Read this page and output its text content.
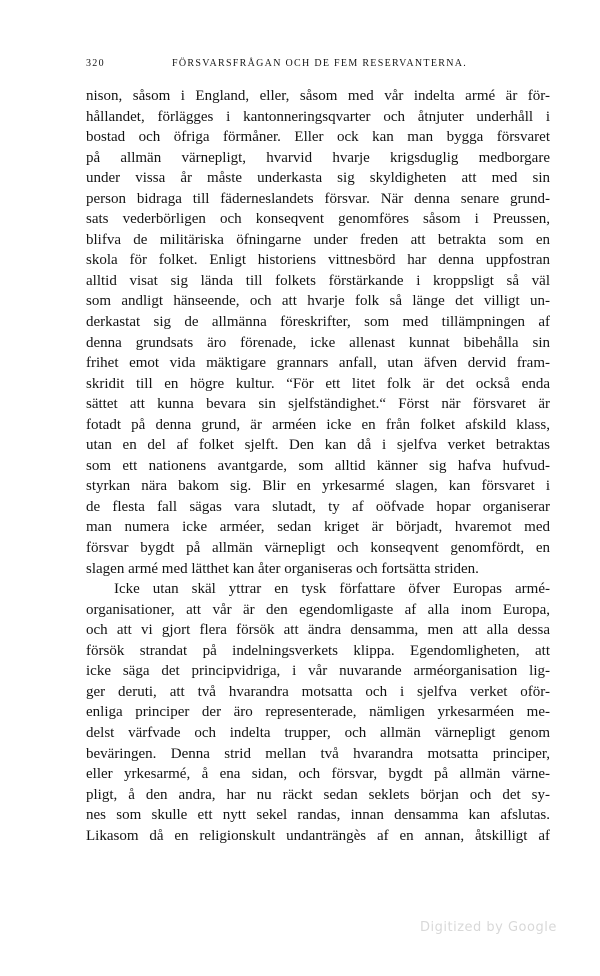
320	FÖRSVARSFRÅGAN OCH DE FEM RESERVANTERNA.
nison, såsom i England, eller, såsom med vår indelta armé är för-
hållandet, förlägges i kantonneringsqvarter och åtnjuter underhåll i
bostad och öfriga förmåner. Eller ock kan man bygga försvaret
på allmän värnepligt, hvarvid hvarje krigsduglig medborgare
under vissa år måste underkasta sig skyldigheten att med sin
person bidraga till fäderneslandets försvar. När denna senare grund-
sats vederbörligen och konseqvent genomföres såsom i Preussen,
blifva de militäriska öfningarne under freden att betrakta som en
skola för folket. Enligt historiens vittnesbörd har denna uppfostran
alltid visat sig lända till folkets förstärkande i kroppsligt så väl
som andligt hänseende, och att hvarje folk så länge det villigt un-
derkastat sig de allmänna föreskrifter, som med tillämpningen af
denna grundsats äro förenade, icke allenast kunnat bibehålla sin
frihet emot vida mäktigare grannars anfall, utan äfven dervid fram-
skridit till en högre kultur. “För ett litet folk är det också enda
sättet att kunna bevara sin sjelfständighet.“ Först när försvaret är
fotadt på denna grund, är arméen icke en från folket afskild klass,
utan en del af folket sjelft. Den kan då i sjelfva verket betraktas
som ett nationens avantgarde, som alltid känner sig hafva hufvud-
styrkan nära bakom sig. Blir en yrkesarmé slagen, kan försvaret i
de flesta fall sägas vara slutadt, ty af oöfvade hopar organiserar
man numera icke arméer, sedan kriget är börjadt, hvaremot med
försvar bygdt på allmän värnepligt och konseqvent genomfördt, en
slagen armé med lätthet kan åter organiseras och fortsätta striden.
Icke utan skäl yttrar en tysk författare öfver Europas armé-
organisationer, att vår är den egendomligaste af alla inom Europa,
och att vi gjort flera försök att ändra densamma, men att alla dessa
försök strandat på indelningsverkets klippa. Egendomligheten, att
icke säga det principvidriga, i vår nuvarande arméorganisation lig-
ger deruti, att två hvarandra motsatta och i sjelfva verket oför-
enliga principer der äro representerade, nämligen yrkesarméen me-
delst värfvade och indelta trupper, och allmän värnepligt genom
beväringen. Denna strid mellan två hvarandra motsatta principer,
eller yrkesarmé, å ena sidan, och försvar, bygdt på allmän värne-
pligt, å den andra, har nu räckt sedan seklets början och det sy-
nes som skulle ett nytt sekel randas, innan densamma kan afslutas.
Likasom då en religionskult undanträngès af en annan, åtskilligt af
Digitized by Google
